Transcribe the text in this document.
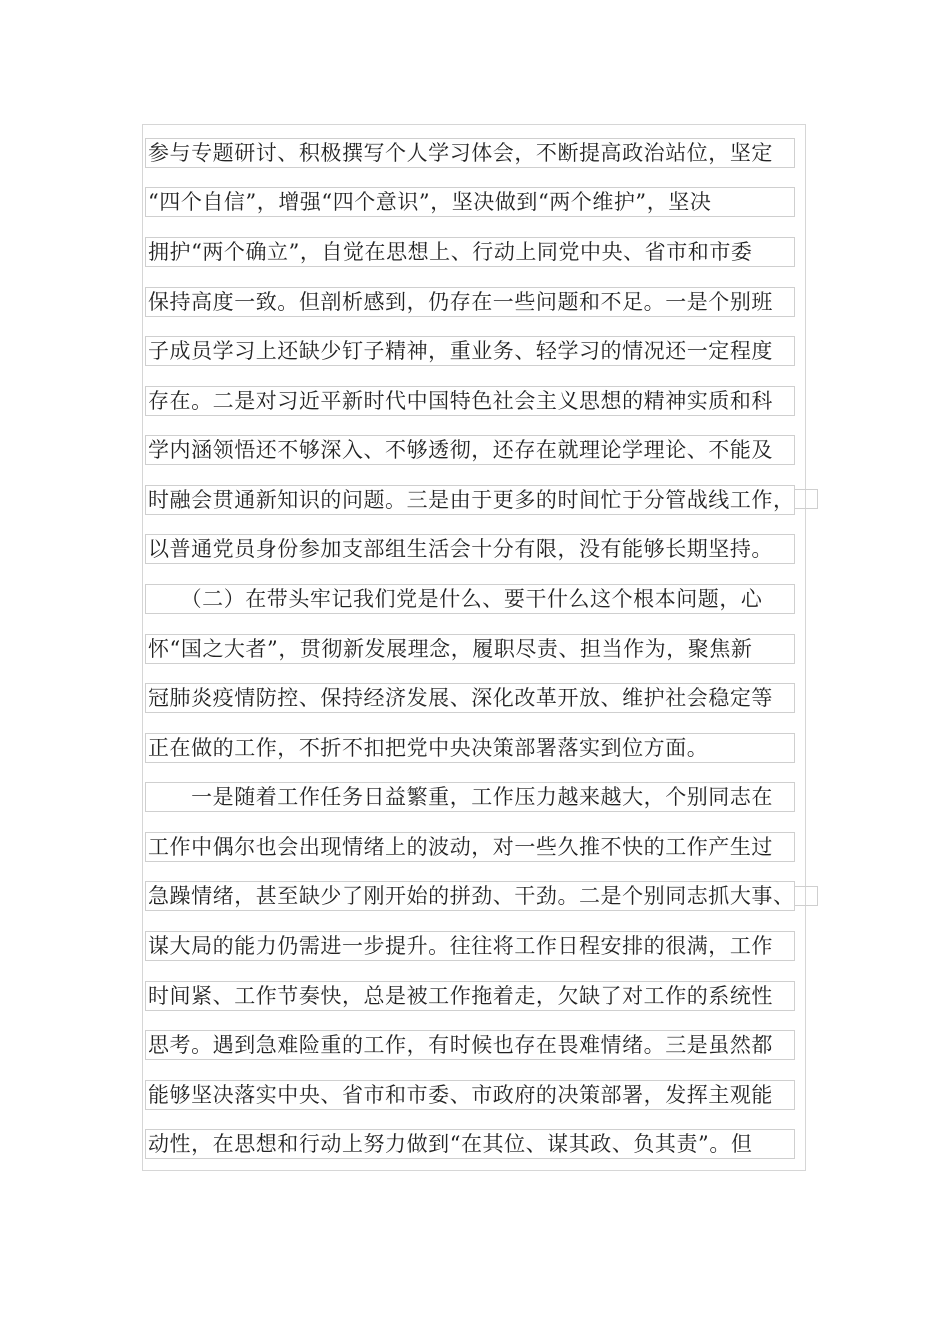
参与专题研讨、积极撰写个人学习体会，不断提高政治站位，坚定
“四个自信”，增强“四个意识”，坚决做到“两个维护”，坚决
拥护“两个确立”，自觉在思想上、行动上同党中央、省市和市委
保持高度一致。但剖析感到，仍存在一些问题和不足。一是个别班
子成员学习上还缺少钉子精神，重业务、轻学习的情况还一定程度
存在。二是对习近平新时代中国特色社会主义思想的精神实质和科
学内涵领悟还不够深入、不够透彻，还存在就理论学理论、不能及
时融会贯通新知识的问题。三是由于更多的时间忙于分管战线工作，
以普通党员身份参加支部组生活会十分有限，没有能够长期坚持。
　　（二）在带头牢记我们党是什么、要干什么这个根本问题，心
怀“国之大者”，贯彻新发展理念，履职尽责、担当作为，聚焦新
冠肺炎疫情防控、保持经济发展、深化改革开放、维护社会稳定等
正在做的工作，不折不扣把党中央决策部署落实到位方面。
　　一是随着工作任务日益繁重，工作压力越来越大，个别同志在
工作中偶尔也会出现情绪上的波动，对一些久推不快的工作产生过
急躁情绪，甚至缺少了刚开始的拼劲、干劲。二是个别同志抓大事、
谋大局的能力仍需进一步提升。往往将工作日程安排的很满，工作
时间紧、工作节奏快，总是被工作拖着走，欠缺了对工作的系统性
思考。遇到急难险重的工作，有时候也存在畏难情绪。三是虽然都
能够坚决落实中央、省市和市委、市政府的决策部署，发挥主观能
动性，在思想和行动上努力做到“在其位、谋其政、负其责”。但
